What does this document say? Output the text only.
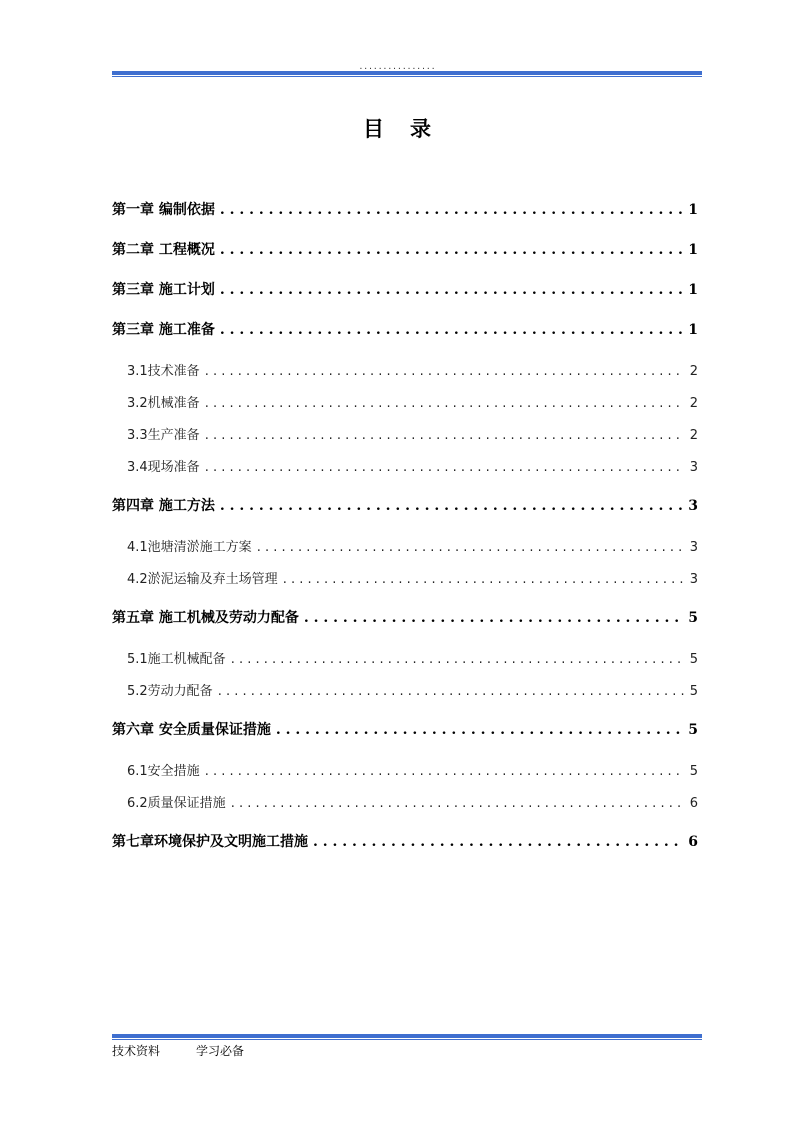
................
目录
第一章 编制依据 . . .	1
第二章 工程概况 . . .	1
第三章 施工计划 . . .	1
第三章 施工准备 . . .	1
3.1技术准备 . . .	2
3.2机械准备 . . .	2
3.3生产准备 . . .	2
3.4现场准备 . . .	3
第四章 施工方法 . . .	3
4.1池塘清淤施工方案 . . .	3
4.2淤泥运输及弃土场管理 . . .	3
第五章 施工机械及劳动力配备 . . .	5
5.1施工机械配备 . . .	5
5.2劳动力配备 . . .	5
第六章 安全质量保证措施 . . .	5
6.1安全措施 . . .	5
6.2质量保证措施 . . .	6
第七章环境保护及文明施工措施 . . .	6
技术资料	学习必备
